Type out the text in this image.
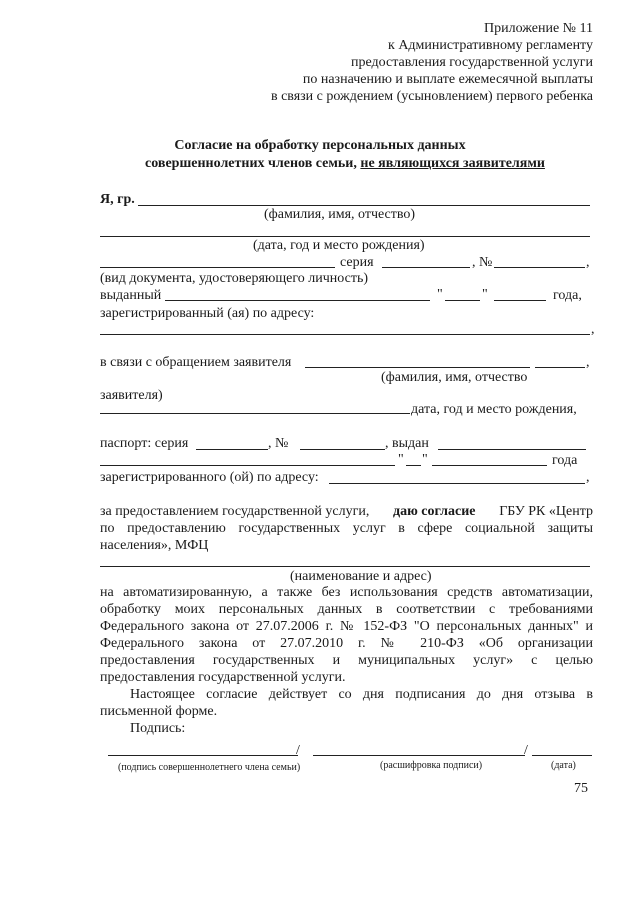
Приложение № 11
к Административному регламенту
предоставления государственной услуги
по назначению и выплате ежемесячной выплаты
в связи с рождением (усыновлением) первого ребенка
Согласие на обработку персональных данных
совершеннолетних членов семьи, не являющихся заявителями
Я, гр.
(фамилия, имя, отчество)
(дата, год и место рождения)
серия	, №	,
(вид документа, удостоверяющего личность)
выданный	"	"	года,
зарегистрированный (ая) по адресу:
,
в связи с обращением заявителя	,
(фамилия, имя, отчество
заявителя)
дата, год и место рождения,
паспорт: серия	, №	, выдан
" "	года
зарегистрированного (ой) по адресу:	,
за предоставлением государственной услуги, даю согласие ГБУ РК «Центр
по предоставлению государственных услуг в сфере социальной защиты
населения», МФЦ
(наименование и адрес)
на автоматизированную, а также без использования средств автоматизации,
обработку моих персональных данных в соответствии с требованиями
Федерального закона от 27.07.2006 г. № 152-ФЗ "О персональных данных" и
Федерального закона от 27.07.2010 г. № 210-ФЗ «Об организации
предоставления государственных и муниципальных услуг» с целью
предоставления государственной услуги.
Настоящее согласие действует со дня подписания до дня отзыва в
письменной форме.
Подпись:
/	/
(подпись совершеннолетнего члена семьи)	(расшифровка подписи)	(дата)
75
